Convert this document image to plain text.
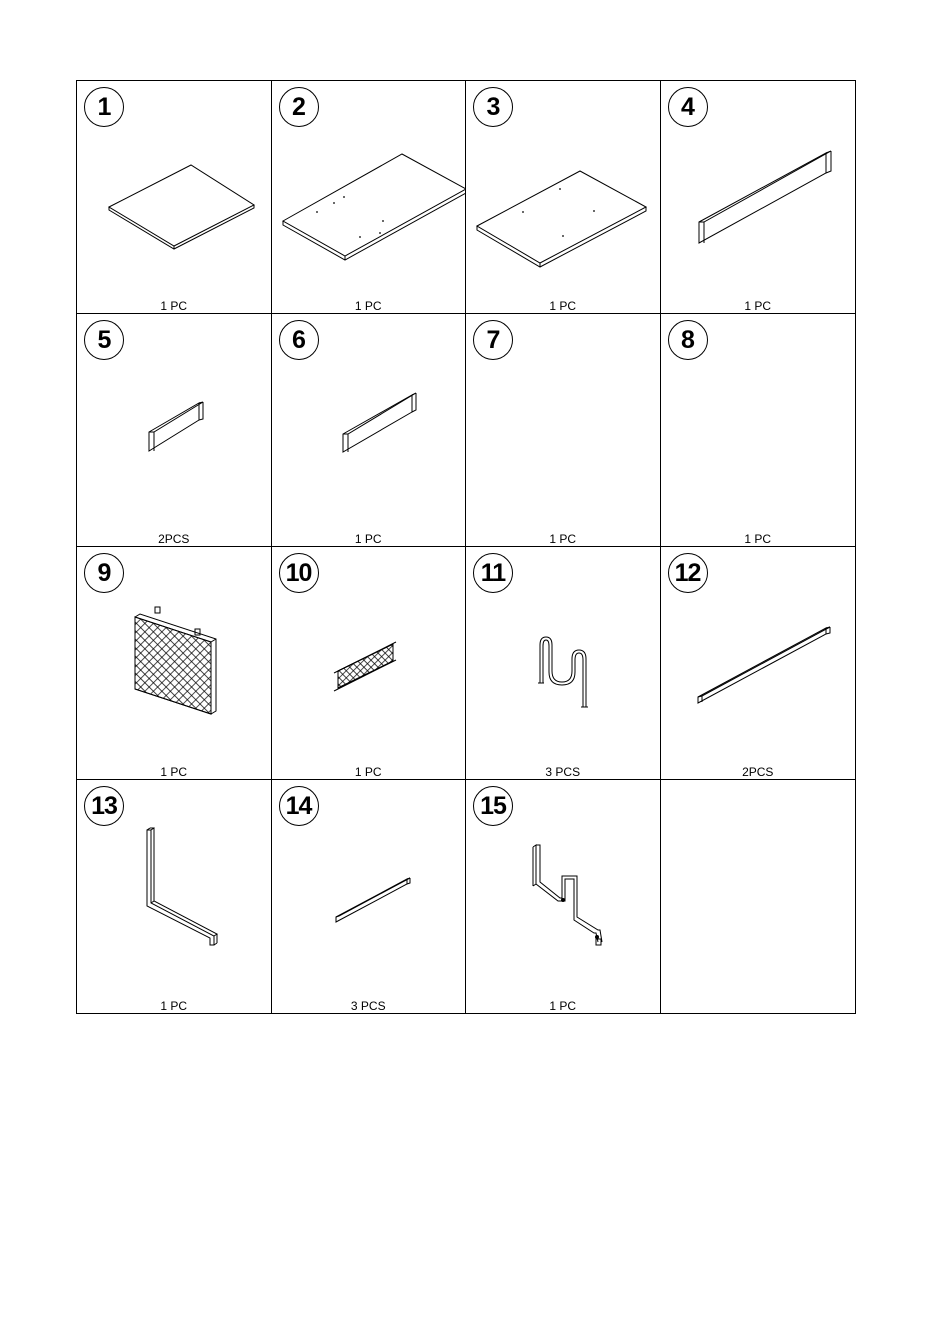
1
1 PC
2
1 PC
3
1 PC
4
1 PC
5
2PCS
6
1 PC
7
1 PC
8
1 PC
9
1 PC
10
1 PC
11
3 PCS
12
2PCS
13
1 PC
14
3 PCS
15
1 PC
